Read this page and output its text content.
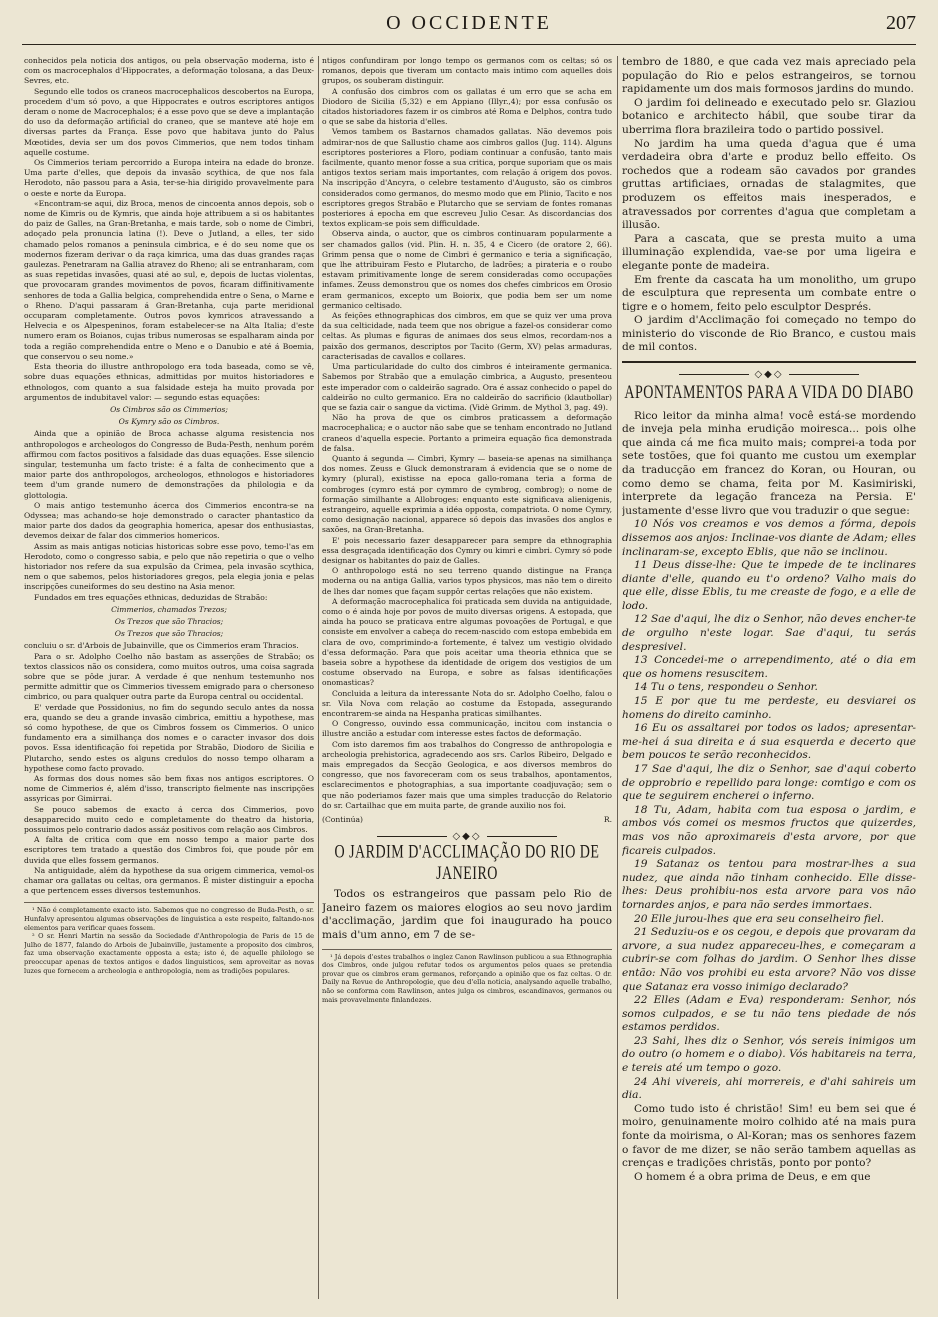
O OCCIDENTE	207

conhecidos pela noticia dos antigos, ou pela observação moderna, isto é com os macrocephalos d'Hippocrates, a deformação tolosana, a das Deux-Sevres, etc.

Segundo elle todos os craneos macrocephalicos descobertos na Europa, procedem d'um só povo, a que Hippocrates e outros escriptores antigos deram o nome de Macrocephalos; é a esse povo que se deve a implantação do uso da deformação artificial do craneo, que se manteve até hoje em diversas partes da França. Esse povo que habitava junto do Palus Mœotides, devia ser um dos povos Cimmerios, que nem todos tinham aquelle costume.

Os Cimmerios teriam percorrido a Europa inteira na edade do bronze. Uma parte d'elles, que depois da invasão scythica, de que nos fala Herodoto, não passou para a Asia, ter-se-hia dirigido provavelmente para o oeste e norte da Europa.

«Encontram-se aqui, diz Broca, menos de cincoenta annos depois, sob o nome de Kimris ou de Kymris, que ainda hoje attribuem a si os habitantes do paiz de Galles, na Gran-Bretanha, e mais tarde, sob o nome de Cimbri, adoçado pela pronuncia latina (!). Deve o Jutland, a elles, ter sido chamado pelos romanos a peninsula cimbrica, e é do seu nome que os modernos fizeram derivar o da raça kimrica, uma das duas grandes raças gaulezas. Penetraram na Gallia atravez do Rheno; ali se entranharam, com as suas repetidas invasões, quasi até ao sul, e, depois de luctas violentas, que provocaram grandes movimentos de povos, ficaram diffinitivamente senhores de toda a Gallia belgica, comprehendida entre o Sena, o Marne e o Rheno. D'aqui passaram á Gran-Bretanha, cuja parte meridional occuparam completamente. Outros povos kymricos atravessando a Helvecia e os Alpespeninos, foram estabelecer-se na Alta Italia; d'este numero eram os Boianos, cujas tribus numerosas se espalharam ainda por toda a região comprehendida entre o Meno e o Danubio e até á Boemia, que conservou o seu nome.»

Esta theoria do illustre anthropologo era toda baseada, como se vê, sobre duas equações ethnicas, admittidas por muitos historiadores e ethnologos, com quanto a sua falsidade esteja ha muito provada por argumentos de indubitavel valor: — segundo estas equações:

Os Cimbros são os Cimmerios;

Os Kymry são os Cimbros.

Ainda que a opinião de Broca achasse alguma resistencia nos anthropologos e archeologos do Congresso de Buda-Pesth, nenhum porém affirmou com factos positivos a falsidade das duas equações. Esse silencio singular, testemunha um facto triste: é a falta de conhecimento que a maior parte dos anthropologos, archeologos, ethnologos e historiadores teem d'um grande numero de demonstrações da philologia e da glottologia.

O mais antigo testemunho ácerca dos Cimmerios encontra-se na Odyssea; mas achando-se hoje demonstrado o caracter phantastico da maior parte dos dados da geographia homerica, apesar dos enthusiastas, devemos deixar de falar dos cimmerios homericos.

Assim as mais antigas noticias historicas sobre esse povo, temo-l'as em Herodoto, como o congresso sabia, e pelo que não repetiria o que o velho historiador nos refere da sua expulsão da Crimea, pela invasão scythica, nem o que sabemos, pelos historiadores gregos, pela elegia jonia e pelas inscripções cuneiformes do seu destino na Asia menor.

Fundados em tres equações ethnicas, deduzidas de Strabão:

Cimmerios, chamados Trezos;

Os Trezos que são Thracios;

Os Trezos que são Thracios;

concluiu o sr. d'Arbois de Jubainville, que os Cimmerios eram Thracios.

Para o sr. Adolpho Coelho não bastam as asserções de Strabão; os textos classicos não os considera, como muitos outros, uma coisa sagrada sobre que se pôde jurar. A verdade é que nenhum testemunho nos permitte admittir que os Cimmerios tivessem emigrado para o chersoneso cimbrico, ou para qualquer outra parte da Europa central ou occidental.

E' verdade que Possidonius, no fim do segundo seculo antes da nossa era, quando se deu a grande invasão cimbrica, emittiu a hypothese, mas só como hypothese, de que os Cimbros fossem os Cimmerios. O unico fundamento era a similhança dos nomes e o caracter invasor dos dois povos. Essa identificação foi repetida por Strabão, Diodoro de Sicilia e Plutarcho, sendo estes os alguns credulos do nosso tempo olharam a hypothese como facto provado.

As formas dos dous nomes são bem fixas nos antigos escriptores. O nome de Cimmerios é, além d'isso, transcripto fielmente nas inscripções assyricas por Gimirrai.

Se pouco sabemos de exacto á cerca dos Cimmerios, povo desapparecido muito cedo e completamente do theatro da historia, possuimos pelo contrario dados assáz positivos com relação aos Cimbros.

A falta de critica com que em nosso tempo a maior parte dos escriptores tem tratado a questão dos Cimbros foi, que poude pôr em duvida que elles fossem germanos.

Na antiguidade, além da hypothese da sua origem cimmerica, vemol-os chamar ora gallatas ou celtas, ora germanos. É mister distinguir a epocha a que pertencem esses diversos testemunhos.

¹ Não é completamente exacto isto. Sabemos que no congresso de Buda-Pesth, o sr. Hunfalvy apresentou algumas observações de linguistica a este respeito, faltando-nos elementos para verificar quaes fossem.

² O sr. Henri Martin na sessão da Sociedade d'Anthropologia de Paris de 15 de Julho de 1877, falando do Arbois de Jubainville, justamente a proposito dos cimbros, faz uma observação exactamente opposta a esta; isto é, de aquelle philologo se preoccupar apenas de textos antigos e dados linguisticos, sem aproveitar as novas luzes que fornecem a archeologia e anthropologia, nem as tradições populares.

ntigos confundiram por longo tempo os germanos com os celtas; só os romanos, depois que tiveram um contacto mais intimo com aquelles dois grupos, os souberam distinguir.

A confusão dos cimbros com os gallatas é um erro que se acha em Diodoro de Sicilia (5,32) e em Appiano (Illyr.,4); por essa confusão os citados historiadores fazem ir os cimbros até Roma e Delphos, contra tudo o que se sabe da historia d'elles.

Vemos tambem os Bastarnos chamados gallatas. Não devemos pois admirar-nos de que Sallustio chame aos cimbros gallos (Jug. 114). Alguns escriptores posteriores a Floro, podiam continuar a confusão, tanto mais facilmente, quanto menor fosse a sua critica, porque suporiam que os mais antigos textos seriam mais importantes, com relação á origem dos povos. Na inscripção d'Ancyra, o celebre testamento d'Augusto, são os cimbros considerados como germanos, do mesmo modo que em Plinio, Tacito e nos escriptores gregos Strabão e Plutarcho que se serviam de fontes romanas posteriores á epocha em que escreveu Julio Cesar. As discordancias dos textos explicam-se pois sem difficuldade.

Observa ainda, o auctor, que os cimbros continuaram popularmente a ser chamados gallos (vid. Plin. H. n. 35, 4 e Cicero (de oratore 2, 66). Grimm pensa que o nome de Cimbri é germanico e teria a significação, que lhe attribuiram Festo e Plutarcho, de ladrões; a pirateria e o roubo estavam primitivamente longe de serem consideradas como occupações infames. Zeuss demonstrou que os nomes dos chefes cimbricos em Orosio eram germanicos, excepto um Boiorix, que podia bem ser um nome germanico celtisado.

As feições ethnographicas dos cimbros, em que se quiz ver uma prova da sua celticidade, nada teem que nos obrigue a fazel-os considerar como celtas. As plumas e figuras de animaes dos seus elmos, recordam-nos a paixão dos germanos, descriptos por Tacito (Germ, XV) pelas armaduras, caracterisadas de cavallos e collares.

Uma particularidade do culto dos cimbros é inteiramente germanica. Sabemos por Strabão que a emulação cimbrica, a Augusto, presenteou este imperador com o caldeirão sagrado. Ora é assaz conhecido o papel do caldeirão no culto germanico. Era no caldeirão do sacrificio (klautbollar) que se fazia cair o sangue da victima. (Vidè Grimm. de Mythol 3, pag. 49).

Não ha prova de que os cimbros praticassem a deformação macrocephalica; e o auctor não sabe que se tenham encontrado no Jutland craneos d'aquella especie. Portanto a primeira equação fica demonstrada de falsa.

Quanto á segunda — Cimbri, Kymry — baseia-se apenas na similhança dos nomes. Zeuss e Gluck demonstraram á evidencia que se o nome de kymry (plural), existisse na epoca gallo-romana teria a forma de combroges (cymro está por cymmro de cymbrog, combrog); o nome de formação similhante a Allobroges: enquanto este significava alienigenis, estrangeiro, aquelle exprimia a idéa opposta, compatriota. O nome Cymry, como designação nacional, apparece só depois das invasões dos anglos e saxões, na Gran-Bretanha.

E' pois necessario fazer desapparecer para sempre da ethnographia essa desgraçada identificação dos Cymry ou kimri e cimbri. Cymry só pode designar os habitantes do paiz de Galles.

O anthropologo está no seu terreno quando distingue na França moderna ou na antiga Gallia, varios typos physicos, mas não tem o direito de lhes dar nomes que façam suppôr certas relações que não existem.

A deformação macrocephalica foi praticada sem duvida na antiguidade, como o é ainda hoje por povos de muito diversas origens. A estopada, que ainda ha pouco se praticava entre algumas povoações de Portugal, e que consiste em envolver a cabeça do recem-nascido com estopa embebida em clara de ovo, comprimindo-a fortemente, é talvez um vestigio olvidado d'essa deformação. Para que pois aceitar uma theoria ethnica que se baseia sobre a hypothese da identidade de origem dos vestigios de um costume observado na Europa, e sobre as falsas identificações onomasticas?

Concluida a leitura da interessante Nota do sr. Adolpho Coelho, falou o sr. Vila Nova com relação ao costume da Estopada, assegurando encontrarem-se ainda na Hespanha praticas similhantes.

O Congresso, ouvindo essa communicação, incitou com instancia o illustre ancião a estudar com interesse estes factos de deformação.

Com isto daremos fim aos trabalhos do Congresso de anthropologia e archeologia prehistorica, agradecendo aos srs. Carlos Ribeiro, Delgado e mais empregados da Secção Geologica, e aos diversos membros do congresso, que nos favoreceram com os seus trabalhos, apontamentos, esclarecimentos e photographias, a sua importante coadjuvação; sem o que não poderiamos fazer mais que uma simples traducção do Relatorio do sr. Cartailhac que em muita parte, de grande auxilio nos foi.

(Continúa)	R.
◇◆◇
O JARDIM D'ACCLIMAÇÃO DO RIO DE JANEIRO

Todos os estrangeiros que passam pelo Rio de Janeiro fazem os maiores elogios ao seu novo jardim d'acclimação, jardim que foi inaugurado ha pouco mais d'um anno, em 7 de se-

¹ Já depois d'estes trabalhos o inglez Canon Rawlinson publicou a sua Ethnographia dos Cimbros, onde julgou refutar todos os argumentos pelos quaes se pretendia provar que os cimbros eram germanos, reforçando a opinião que os faz celtas. O dr. Daily na Revue de Anthropologie, que deu d'ella noticia, analysando aquelle trabalho, não se conforma com Rawlinson, antes julga os cimbros, escandinavos, germanos ou mais provavelmente finlandezes.

tembro de 1880, e que cada vez mais apreciado pela população do Rio e pelos estrangeiros, se tornou rapidamente um dos mais formosos jardins do mundo.

O jardim foi delineado e executado pelo sr. Glaziou botanico e architecto hábil, que soube tirar da uberrima flora brazileira todo o partido possivel.

No jardim ha uma queda d'agua que é uma verdadeira obra d'arte e produz bello effeito. Os rochedos que a rodeam são cavados por grandes gruttas artificiaes, ornadas de stalagmites, que produzem os effeitos mais inesperados, e atravessados por correntes d'agua que completam a illusão.

Para a cascata, que se presta muito a uma illuminação explendida, vae-se por uma ligeira e elegante ponte de madeira.

Em frente da cascata ha um monolitho, um grupo de esculptura que representa um combate entre o tigre e o homem, feito pelo esculptor Després.

O jardim d'Acclimação foi começado no tempo do ministerio do visconde de Rio Branco, e custou mais de mil contos.

◇◆◇
APONTAMENTOS PARA A VIDA DO DIABO

Rico leitor da minha alma! você está-se mordendo de inveja pela minha erudição moiresca... pois olhe que ainda cá me fica muito mais; comprei-a toda por sete tostões, que foi quanto me custou um exemplar da traducção em francez do Koran, ou Houran, ou como demo se chama, feita por M. Kasimiriski, interprete da legação franceza na Persia. E' justamente d'esse livro que vou traduzir o que segue:

10 Nós vos creamos e vos demos a fórma, depois dissemos aos anjos: Inclinae-vos diante de Adam; elles inclinaram-se, excepto Eblis, que não se inclinou.

11 Deus disse-lhe: Que te impede de te inclinares diante d'elle, quando eu t'o ordeno? Valho mais do que elle, disse Eblis, tu me creaste de fogo, e a elle de lodo.

12 Sae d'aqui, lhe diz o Senhor, não deves encher-te de orgulho n'este logar. Sae d'aqui, tu serás despresivel.

13 Concedei-me o arrependimento, até o dia em que os homens resuscitem.

14 Tu o tens, respondeu o Senhor.

15 E por que tu me perdeste, eu desviarei os homens do direito caminho.

16 Eu os assaltarei por todos os lados; apresentar-me-hei á sua direita e á sua esquerda e decerto que bem poucos te serão reconhecidos.

17 Sae d'aqui, lhe diz o Senhor, sae d'aqui coberto de opprobrio e repellido para longe: comtigo e com os que te seguirem encherei o inferno.

18 Tu, Adam, habita com tua esposa o jardim, e ambos vós comei os mesmos fructos que quizerdes, mas vos não aproximareis d'esta arvore, por que ficareis culpados.

19 Satanaz os tentou para mostrar-lhes a sua nudez, que ainda não tinham conhecido. Elle disse-lhes: Deus prohibiu-nos esta arvore para vos não tornardes anjos, e para não serdes immortaes.

20 Elle jurou-lhes que era seu conselheiro fiel.

21 Seduziu-os e os cegou, e depois que provaram da arvore, a sua nudez appareceu-lhes, e começaram a cubrir-se com folhas do jardim. O Senhor lhes disse então: Não vos prohibi eu esta arvore? Não vos disse que Satanaz era vosso inimigo declarado?

22 Elles (Adam e Eva) responderam: Senhor, nós somos culpados, e se tu não tens piedade de nós estamos perdidos.

23 Sahi, lhes diz o Senhor, vós sereis inimigos um do outro (o homem e o diabo). Vós habitareis na terra, e tereis até um tempo o gozo.

24 Ahi vivereis, ahi morrereis, e d'ahi sahireis um dia.

Como tudo isto é christão! Sim! eu bem sei que é moiro, genuinamente moiro colhido até na mais pura fonte da moirisma, o Al-Koran; mas os senhores fazem o favor de me dizer, se não serão tambem aquellas as crenças e tradições christãs, ponto por ponto?

O homem é a obra prima de Deus, e em que
